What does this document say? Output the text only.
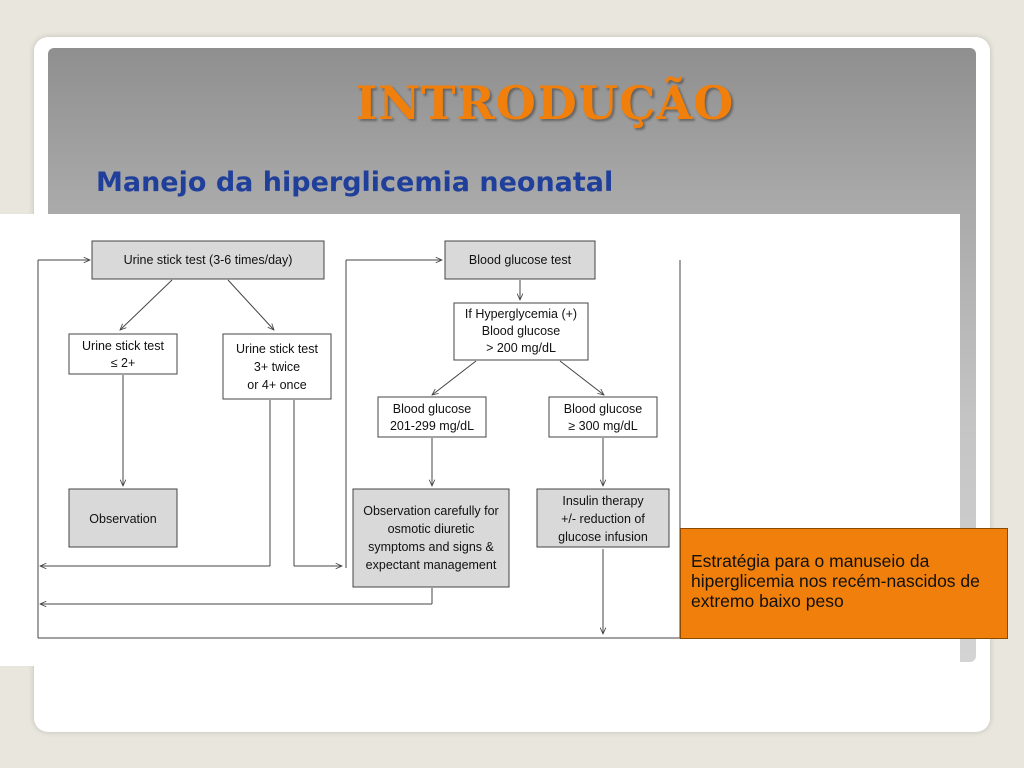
INTRODUÇÃO
Manejo da hiperglicemia neonatal
Urine stick test (3-6 times/day)
Urine stick test
≤ 2+
Urine stick test
3+ twice
or 4+ once
Observation
Blood glucose test
If Hyperglycemia (+)
Blood glucose
> 200 mg/dL
Blood glucose
201-299 mg/dL
Blood glucose
≥ 300 mg/dL
Observation carefully for
osmotic diuretic
symptoms and signs &
expectant management
Insulin therapy
+/- reduction of
glucose infusion
Estratégia para o manuseio da hiperglicemia nos recém-nascidos de extremo baixo peso
